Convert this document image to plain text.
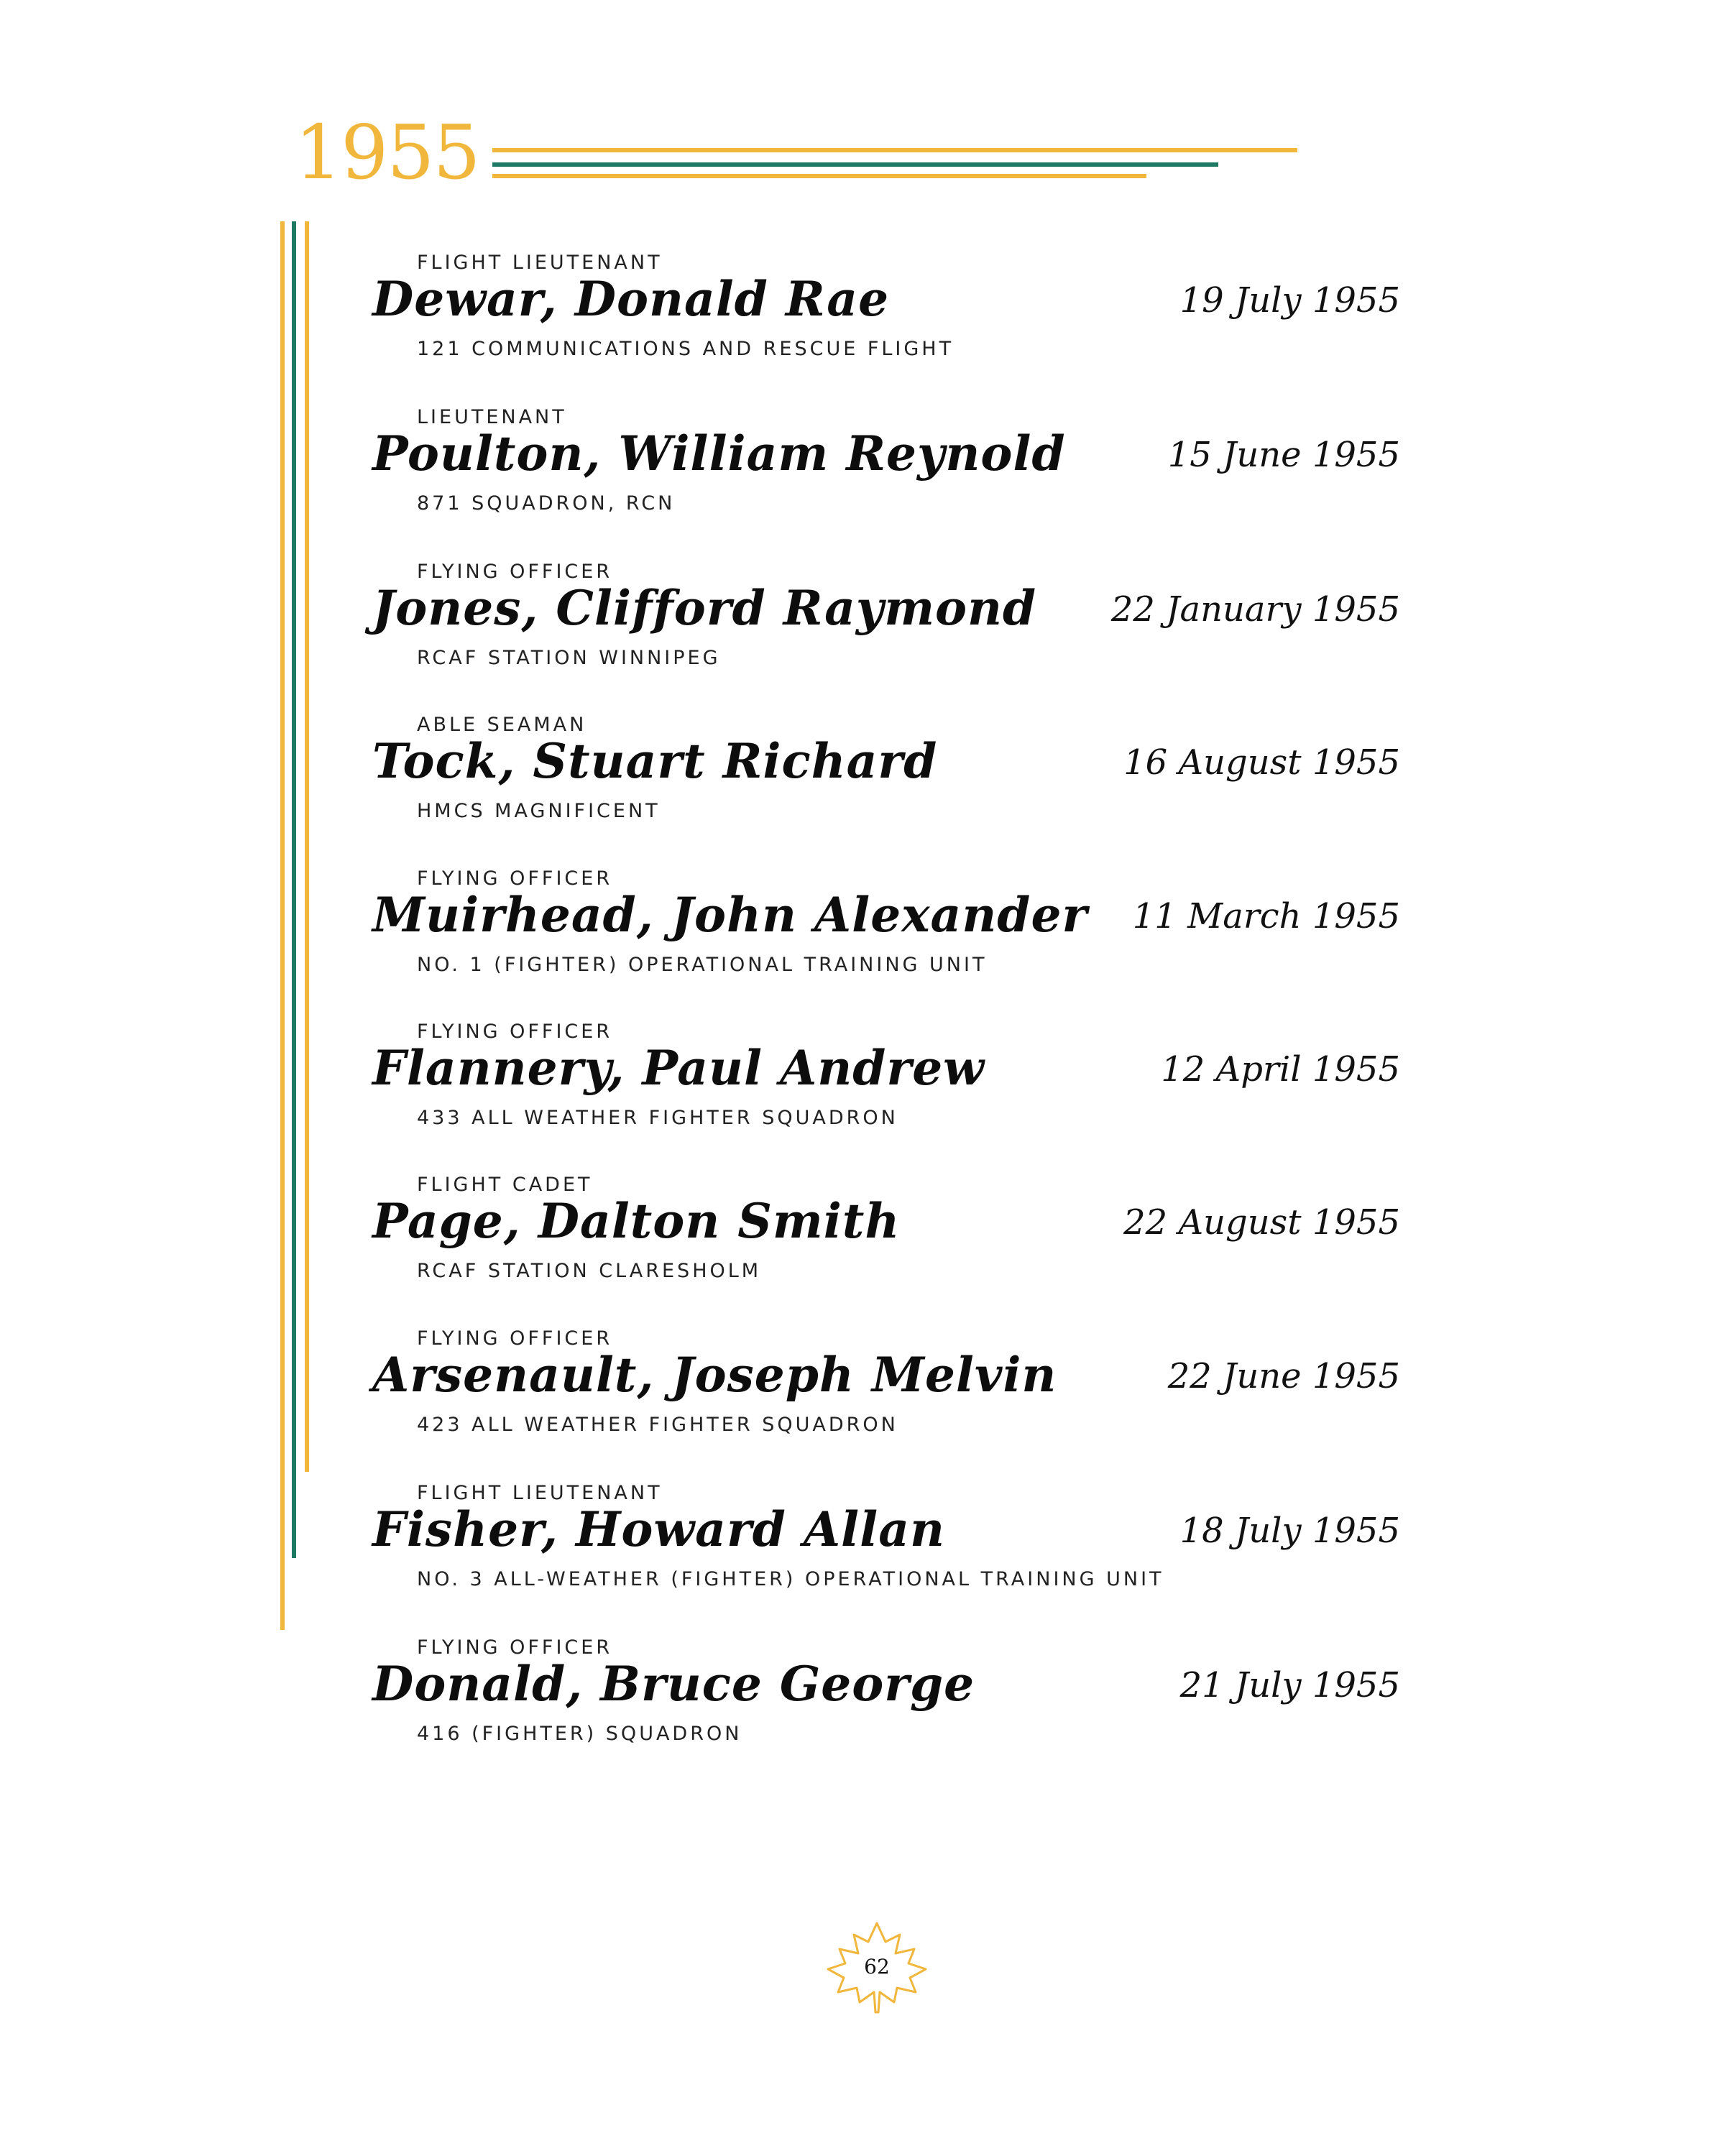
1955
FLIGHT LIEUTENANT
Dewar, Donald Rae
121 COMMUNICATIONS AND RESCUE FLIGHT
19 July 1955
LIEUTENANT
Poulton, William Reynold
871 SQUADRON, RCN
15 June 1955
FLYING OFFICER
Jones, Clifford Raymond
RCAF STATION WINNIPEG
22 January 1955
ABLE SEAMAN
Tock, Stuart Richard
HMCS MAGNIFICENT
16 August 1955
FLYING OFFICER
Muirhead, John Alexander
NO. 1 (FIGHTER) OPERATIONAL TRAINING UNIT
11 March 1955
FLYING OFFICER
Flannery, Paul Andrew
433 ALL WEATHER FIGHTER SQUADRON
12 April 1955
FLIGHT CADET
Page, Dalton Smith
RCAF STATION CLARESHOLM
22 August 1955
FLYING OFFICER
Arsenault, Joseph Melvin
423 ALL WEATHER FIGHTER SQUADRON
22 June 1955
FLIGHT LIEUTENANT
Fisher, Howard Allan
NO. 3 ALL-WEATHER (FIGHTER) OPERATIONAL TRAINING UNIT
18 July 1955
FLYING OFFICER
Donald, Bruce George
416 (FIGHTER) SQUADRON
21 July 1955
62
